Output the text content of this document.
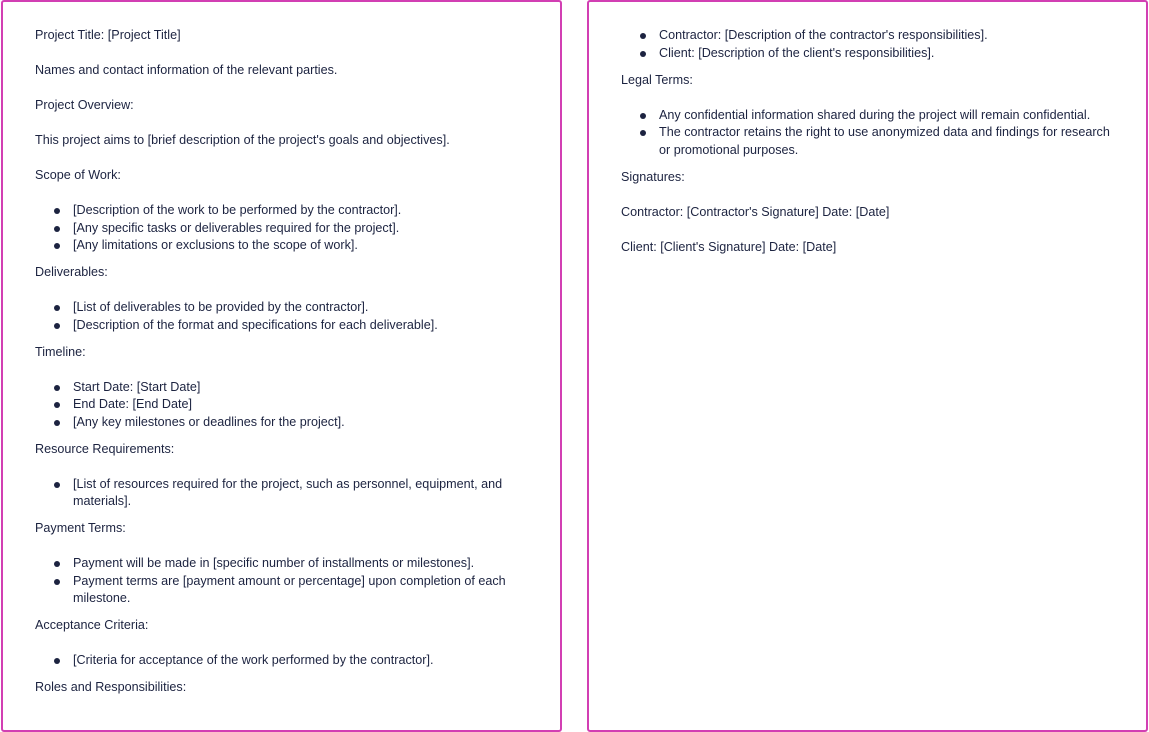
Project Title: [Project Title]

Names and contact information of the relevant parties.

Project Overview:

This project aims to [brief description of the project's goals and objectives].

Scope of Work:

[Description of the work to be performed by the contractor].
[Any specific tasks or deliverables required for the project].
[Any limitations or exclusions to the scope of work].

Deliverables:

[List of deliverables to be provided by the contractor].
[Description of the format and specifications for each deliverable].

Timeline:

Start Date: [Start Date]
End Date: [End Date]
[Any key milestones or deadlines for the project].

Resource Requirements:

[List of resources required for the project, such as personnel, equipment, and materials].

Payment Terms:

Payment will be made in [specific number of installments or milestones].
Payment terms are [payment amount or percentage] upon completion of each milestone.

Acceptance Criteria:

[Criteria for acceptance of the work performed by the contractor].

Roles and Responsibilities:

Contractor: [Description of the contractor's responsibilities].
Client: [Description of the client's responsibilities].

Legal Terms:

Any confidential information shared during the project will remain confidential.
The contractor retains the right to use anonymized data and findings for research or promotional purposes.

Signatures:

Contractor: [Contractor's Signature] Date: [Date]

Client: [Client's Signature] Date: [Date]
